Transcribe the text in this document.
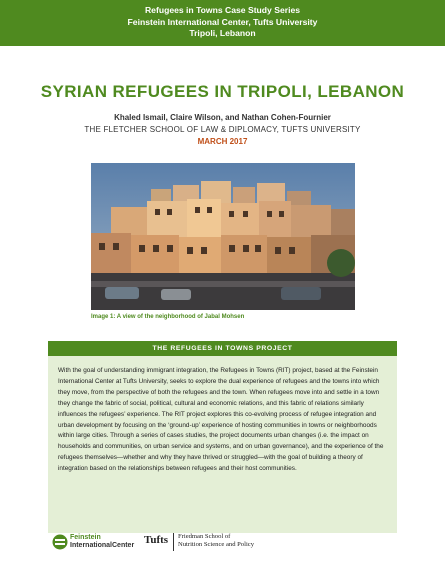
Refugees in Towns Case Study Series
Feinstein International Center, Tufts University
Tripoli, Lebanon
SYRIAN REFUGEES IN TRIPOLI, LEBANON
Khaled Ismail, Claire Wilson, and Nathan Cohen-Fournier
THE FLETCHER SCHOOL OF LAW & DIPLOMACY, TUFTS UNIVERSITY
MARCH 2017
Image 1: A view of the neighborhood of Jabal Mohsen
THE REFUGEES IN TOWNS PROJECT

With the goal of understanding immigrant integration, the Refugees in Towns (RIT) project, based at the Feinstein International Center at Tufts University, seeks to explore the dual experience of refugees and the towns into which they move, from the perspective of both the refugees and the town. When refugees move into and settle in a town they change the fabric of social, political, cultural and economic relations, and this fabric of relations similarly influences the refugees’ experience. The RIT project explores this co-evolving process of refugee integration and urban development by focusing on the ‘ground-up’ experience of hosting communities in towns or neighborhoods within large cities. Through a series of cases studies, the project documents urban changes (i.e. the impact on households and communities, on urban service and systems, and on urban governance), and the experience of the refugees themselves—whether and why they have thrived or struggled—with the goal of building a theory of integration based on the relationships between refugees and their host communities.

Feinstein
InternationalCenter Tufts	Friedman School of
Nutrition Science and Policy
